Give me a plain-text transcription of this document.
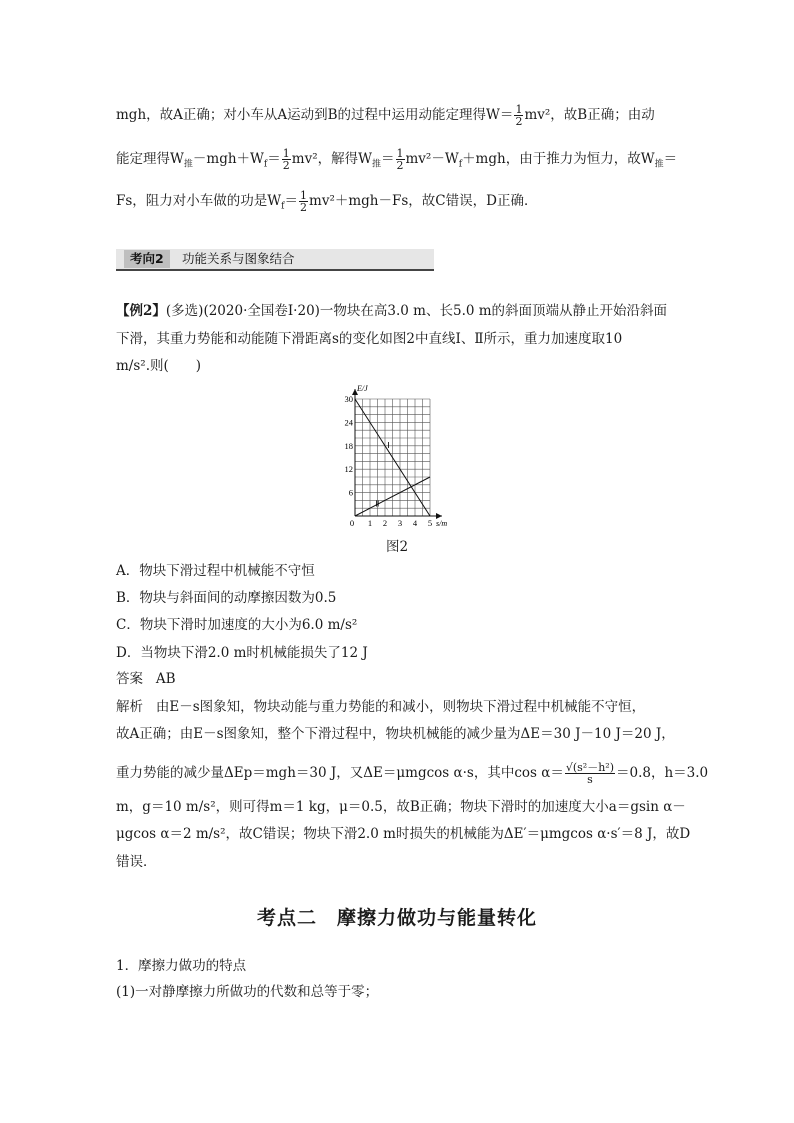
mgh，故A正确；对小车从A运动到B的过程中运用动能定理得$W= \frac{1}{2} mv^2$，故B正确；由动
能定理得$W_推-mgh+W_f= \frac{1}{2} mv^2$，解得$W_推= \frac{1}{2} mv^2-W_f+mgh$，由于推力为恒力，故$W_推=$
Fs，阻力对小车做的功是$W_f= \frac{1}{2} mv^2+mgh-Fs$，故C错误，D正确．
考向2	功能关系与图象结合
【例2】(多选)(2020·全国卷Ⅰ·20)一物块在高3.0 m、长5.0 m的斜面顶端从静止开始沿斜面
下滑，其重力势能和动能随下滑距离s的变化如图2中直线Ⅰ、Ⅱ所示，重力加速度取10
m/s².则(　　)
0 1 2 3 4 5
6
12
18
24
30
s/m
E/J
Ⅰ
Ⅱ
图2
A．物块下滑过程中机械能不守恒
B．物块与斜面间的动摩擦因数为0.5
C．物块下滑时加速度的大小为6.0 m/s²
D．当物块下滑2.0 m时机械能损失了12 J
答案 AB
解析 由E－s图象知，物块动能与重力势能的和减小，则物块下滑过程中机械能不守恒，
故A正确；由E－s图象知，整个下滑过程中，物块机械能的减少量为ΔE＝30 J－10 J＝20 J，
重力势能的减少量ΔEp＝mgh＝30 J，又ΔE＝μmgcos α·s，其中$\cos \alpha= \frac{\text{√(s²－h²)}}{s} =0.8$，h＝3.0
m，g＝10 m/s²，则可得m＝1 kg，μ＝0.5，故B正确；物块下滑时的加速度大小a＝gsin α－
μgcos α＝2 m/s²，故C错误；物块下滑2.0 m时损失的机械能为ΔE′＝μmgcos α·s′＝8 J，故D
错误．
考点二　摩擦力做功与能量转化
1．摩擦力做功的特点
(1)一对静摩擦力所做功的代数和总等于零；
